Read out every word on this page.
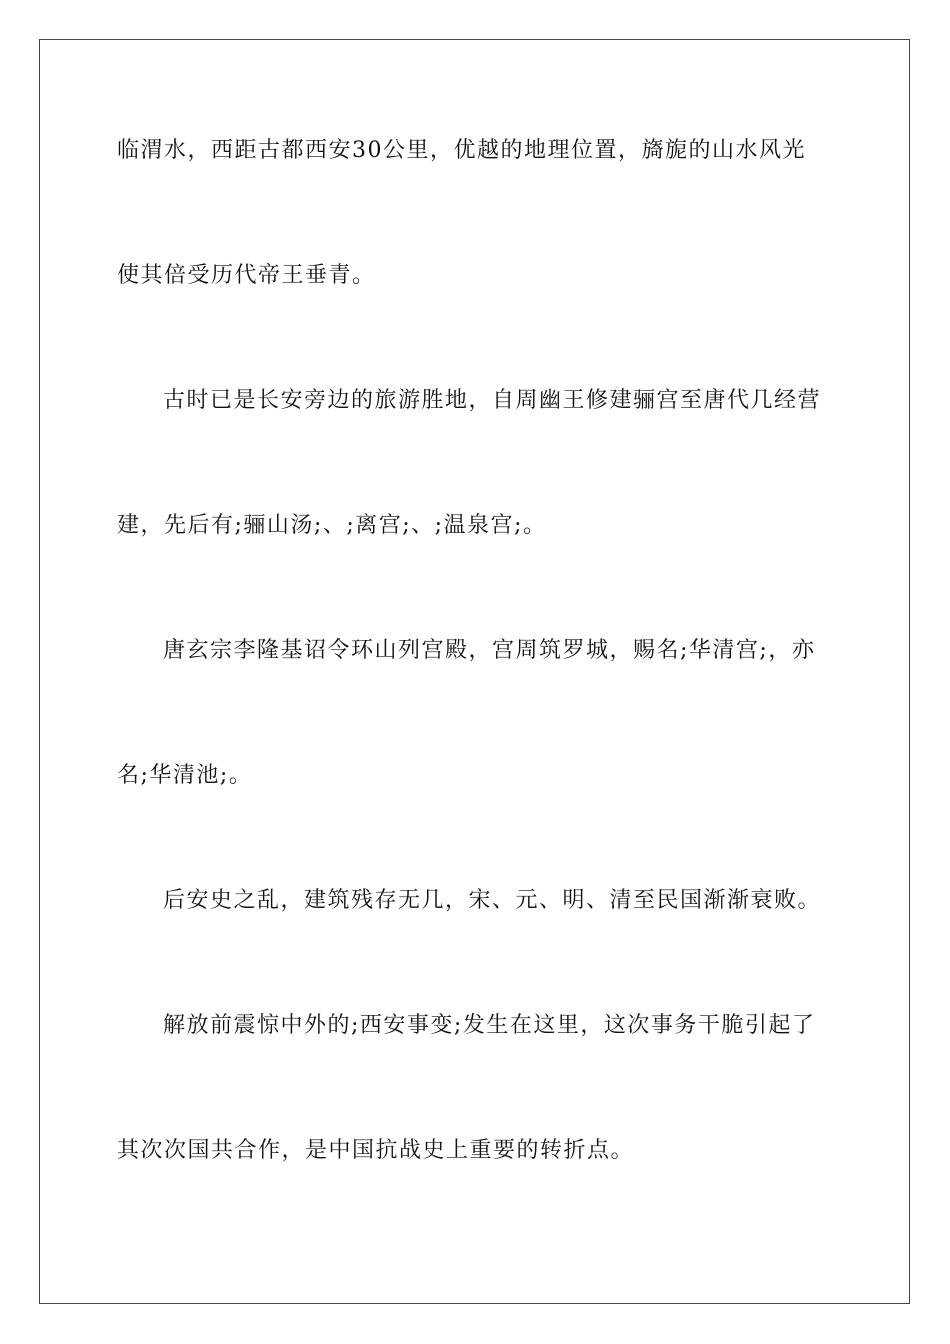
临渭水，西距古都西安30公里，优越的地理位置，旖旎的山水风光
使其倍受历代帝王垂青。
古时已是长安旁边的旅游胜地，自周幽王修建骊宫至唐代几经营
建，先后有;骊山汤;、;离宫;、;温泉宫;。
唐玄宗李隆基诏令环山列宫殿，宫周筑罗城，赐名;华清宫;，亦
名;华清池;。
后安史之乱，建筑残存无几，宋、元、明、清至民国渐渐衰败。
解放前震惊中外的;西安事变;发生在这里，这次事务干脆引起了
其次次国共合作，是中国抗战史上重要的转折点。
